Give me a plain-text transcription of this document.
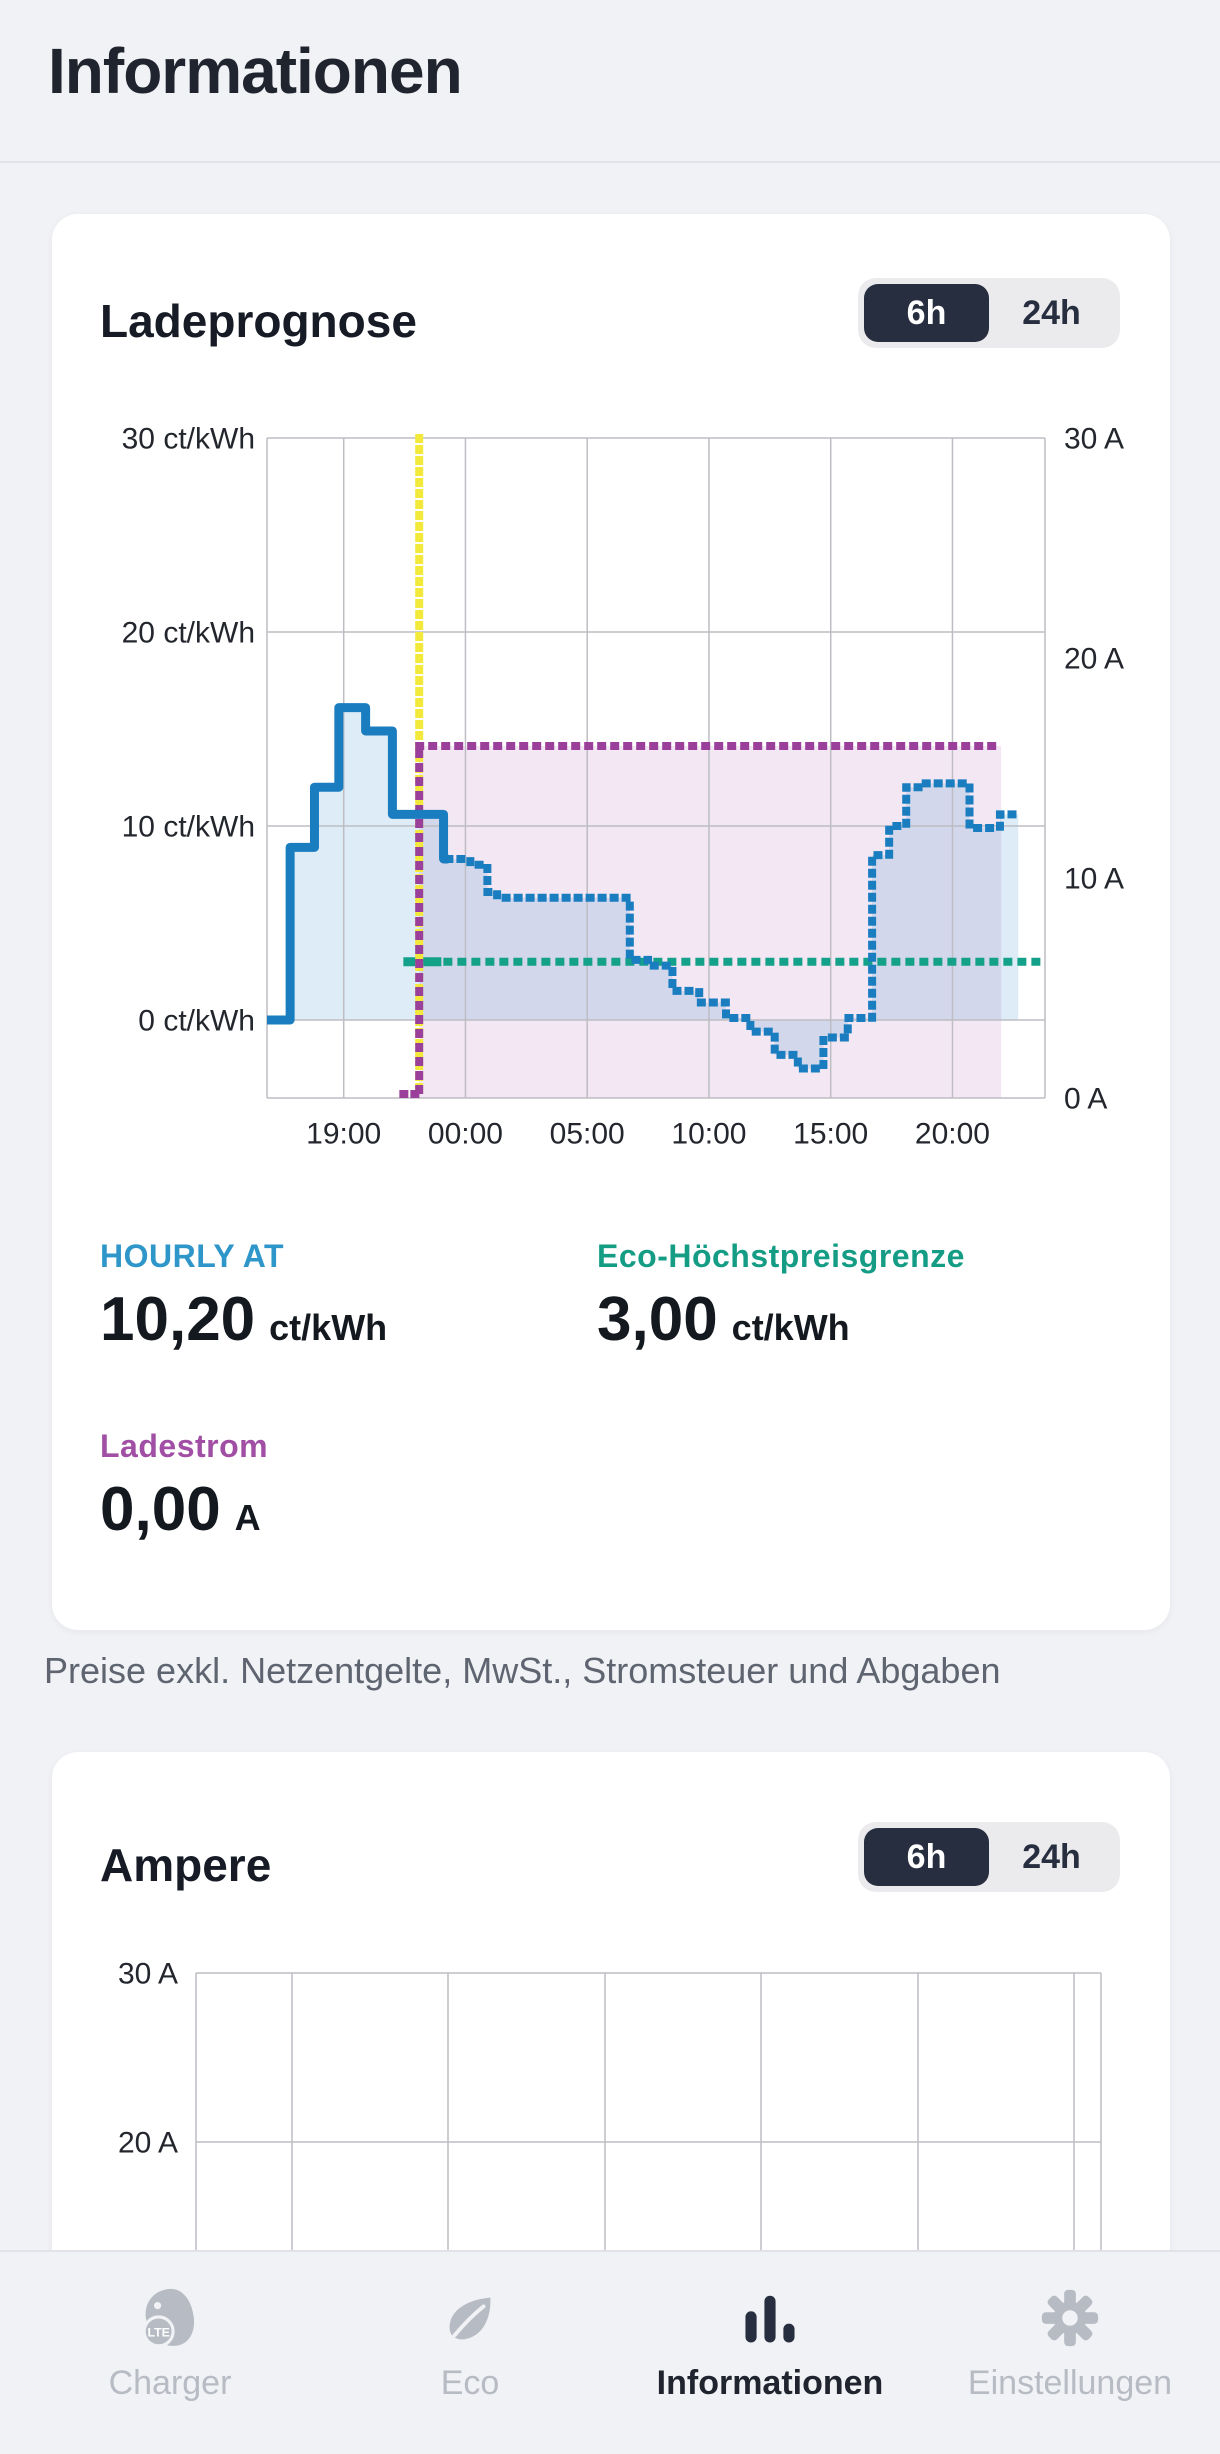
Informationen
Ladeprognose	6h	24h
30 ct/kWh
20 ct/kWh
10 ct/kWh
0 ct/kWh
30 A
20 A
10 A
0 A
19:00 00:00 05:00 10:00 15:00 20:00
HOURLY AT
10,20 ct/kWh
Eco-Höchstpreisgrenze
3,00 ct/kWh
Ladestrom
0,00 A
Preise exkl. Netzentgelte, MwSt., Stromsteuer und Abgaben
Ampere	6h	24h
30 A
20 A
LTE
Charger	Eco	Informationen Einstellungen
